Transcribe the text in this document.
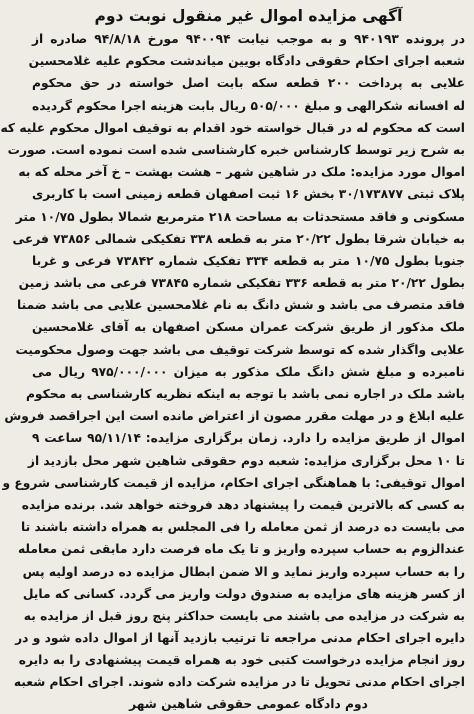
آگهی مزایده اموال غیر منقول نوبت دوم
در پرونده ۹۴۰۱۹۳ و به موجب نیابت ۹۴۰۰۹۴ مورخ ۹۴/۸/۱۸ صادره از
شعبه اجرای احکام حقوقی دادگاه بویین میاندشت محکوم علیه غلامحسین
علایی به پرداخت ۲۰۰ قطعه سکه بابت اصل خواسته در حق محکوم
له افسانه شکرالهی و مبلغ ۵۰۵/۰۰۰ ریال بابت هزینه اجرا محکوم گردیده
است که محکوم له در قبال خواسته خود اقدام به توقیف اموال محکوم علیه که
به شرح زیر توسط کارشناس خبره کارشناسی شده است نموده است. صورت
اموال مورد مزایده: ملک در شاهین شهر – هشت بهشت – خ آخر محله که به
پلاک ثبتی ۳۰/۱۷۳۸۷۷ بخش ۱۶ ثبت اصفهان قطعه زمینی است با کاربری
مسکونی و فاقد مستحدثات به مساحت ۲۱۸ مترمربع شمالا بطول ۱۰/۷۵ متر
به خیابان شرقا بطول ۲۰/۲۲ متر به قطعه ۳۳۸ تفکیکی شمالی ۷۳۸۵۶ فرعی
جنوبا بطول ۱۰/۷۵ متر به قطعه ۳۳۴ تفکیک شماره ۷۳۸۴۲ فرعی و غربا
بطول ۲۰/۲۲ متر به قطعه ۳۳۶ تفکیکی شماره ۷۳۸۴۵ فرعی می باشد زمین
فاقد متصرف می باشد و شش دانگ به نام غلامحسین علایی می باشد ضمنا
ملک مذکور از طریق شرکت عمران مسکن اصفهان به آقای غلامحسین
علایی واگذار شده که توسط شرکت توقیف می باشد جهت وصول محکومیت
نامبرده و مبلغ شش دانگ ملک مذکور به میزان ۹۷۵/۰۰۰/۰۰۰ ریال می
باشد ملک در اجاره نمی باشد با توجه به اینکه نظریه کارشناسی به محکوم
علیه ابلاغ و در مهلت مقرر مصون از اعتراض مانده است این اجراقصد فروش
اموال از طریق مزایده را دارد. زمان برگزاری مزایده: ۹۵/۱۱/۱۴ ساعت ۹
تا ۱۰ محل برگزاری مزایده: شعبه دوم حقوقی شاهین شهر محل بازدید از
اموال توقیفی: با هماهنگی اجرای احکام، مزایده از قیمت کارشناسی شروع و
به کسی که بالاترین قیمت را پیشنهاد دهد فروخته خواهد شد. برنده مزایده
می بایست ده درصد از ثمن معامله را فی المجلس به همراه داشته باشند تا
عندالزوم به حساب سپرده واریز و تا یک ماه فرصت دارد مابقی ثمن معامله
را به حساب سپرده واریز نماید و الا ضمن ابطال مزایده ده درصد اولیه پس
از کسر هزینه های مزایده به صندوق دولت واریز می گردد. کسانی که مایل
به شرکت در مزایده می باشند می بایست حداکثر پنج روز قبل از مزایده به
دایره اجرای احکام مدنی مراجعه تا ترتیب بازدید آنها از اموال داده شود و در
روز انجام مزایده درخواست کتبی خود به همراه قیمت پیشنهادی را به دایره
اجرای احکام مدنی تحویل تا در مزایده شرکت داده شوند. اجرای احکام شعبه
دوم دادگاه عمومی حقوقی شاهین شهر
